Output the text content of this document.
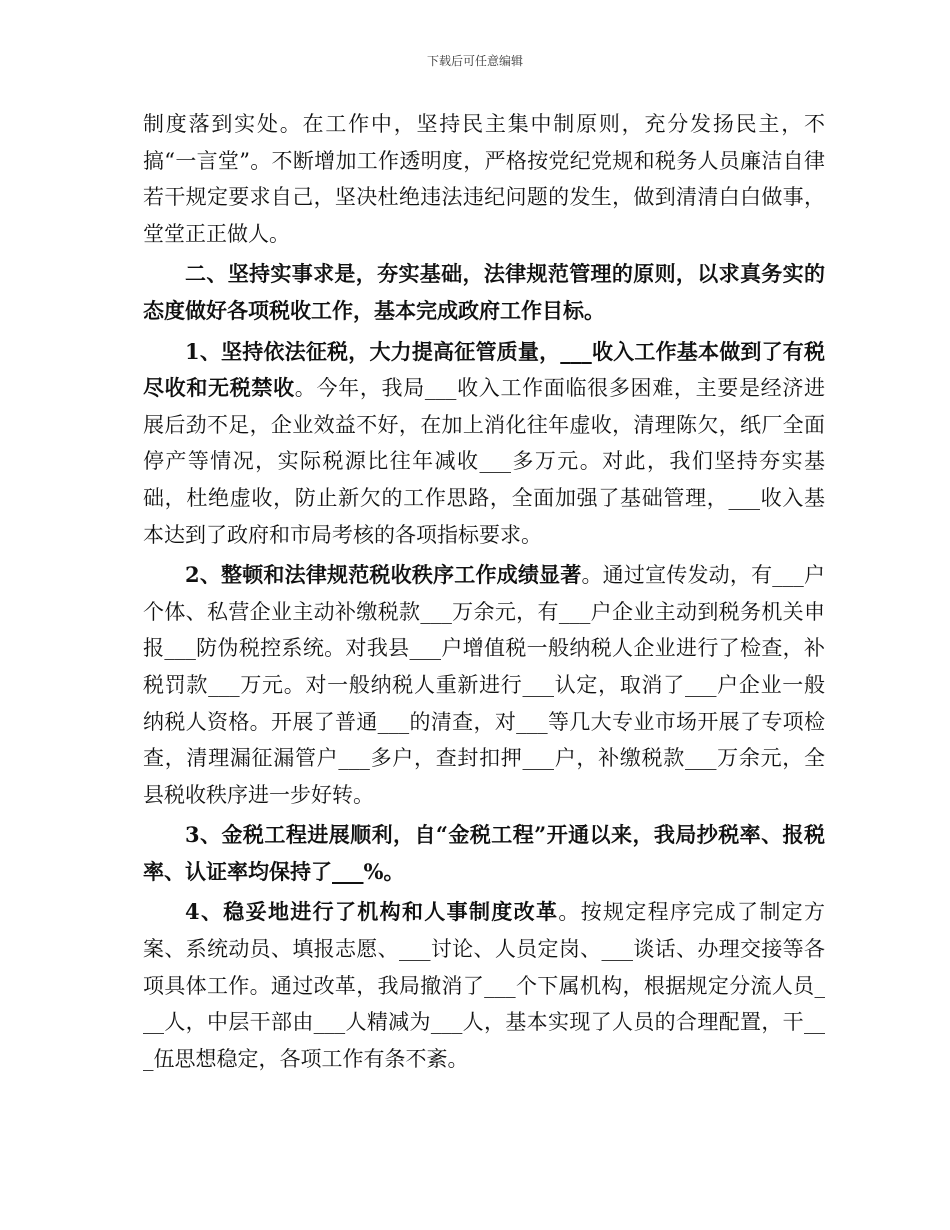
下载后可任意编辑

制度落到实处。在工作中，坚持民主集中制原则，充分发扬民主，不搞“一言堂”。不断增加工作透明度，严格按党纪党规和税务人员廉洁自律若干规定要求自己，坚决杜绝违法违纪问题的发生，做到清清白白做事，堂堂正正做人。

二、坚持实事求是，夯实基础，法律规范管理的原则，以求真务实的态度做好各项税收工作，基本完成政府工作目标。

1、坚持依法征税，大力提高征管质量，___收入工作基本做到了有税尽收和无税禁收。今年，我局___收入工作面临很多困难，主要是经济进展后劲不足，企业效益不好，在加上消化往年虚收，清理陈欠，纸厂全面停产等情况，实际税源比往年减收___多万元。对此，我们坚持夯实基础，杜绝虚收，防止新欠的工作思路，全面加强了基础管理，___收入基本达到了政府和市局考核的各项指标要求。

2、整顿和法律规范税收秩序工作成绩显著。通过宣传发动，有___户个体、私营企业主动补缴税款___万余元，有___户企业主动到税务机关申报___防伪税控系统。对我县___户增值税一般纳税人企业进行了检查，补税罚款___万元。对一般纳税人重新进行___认定，取消了___户企业一般纳税人资格。开展了普通___的清查，对___等几大专业市场开展了专项检查，清理漏征漏管户___多户，查封扣押___户，补缴税款___万余元，全县税收秩序进一步好转。

3、金税工程进展顺利，自“金税工程”开通以来，我局抄税率、报税率、认证率均保持了___%。

4、稳妥地进行了机构和人事制度改革。按规定程序完成了制定方案、系统动员、填报志愿、___讨论、人员定岗、___谈话、办理交接等各项具体工作。通过改革，我局撤消了___个下属机构，根据规定分流人员___人，中层干部由___人精减为___人，基本实现了人员的合理配置，干___伍思想稳定，各项工作有条不紊。
